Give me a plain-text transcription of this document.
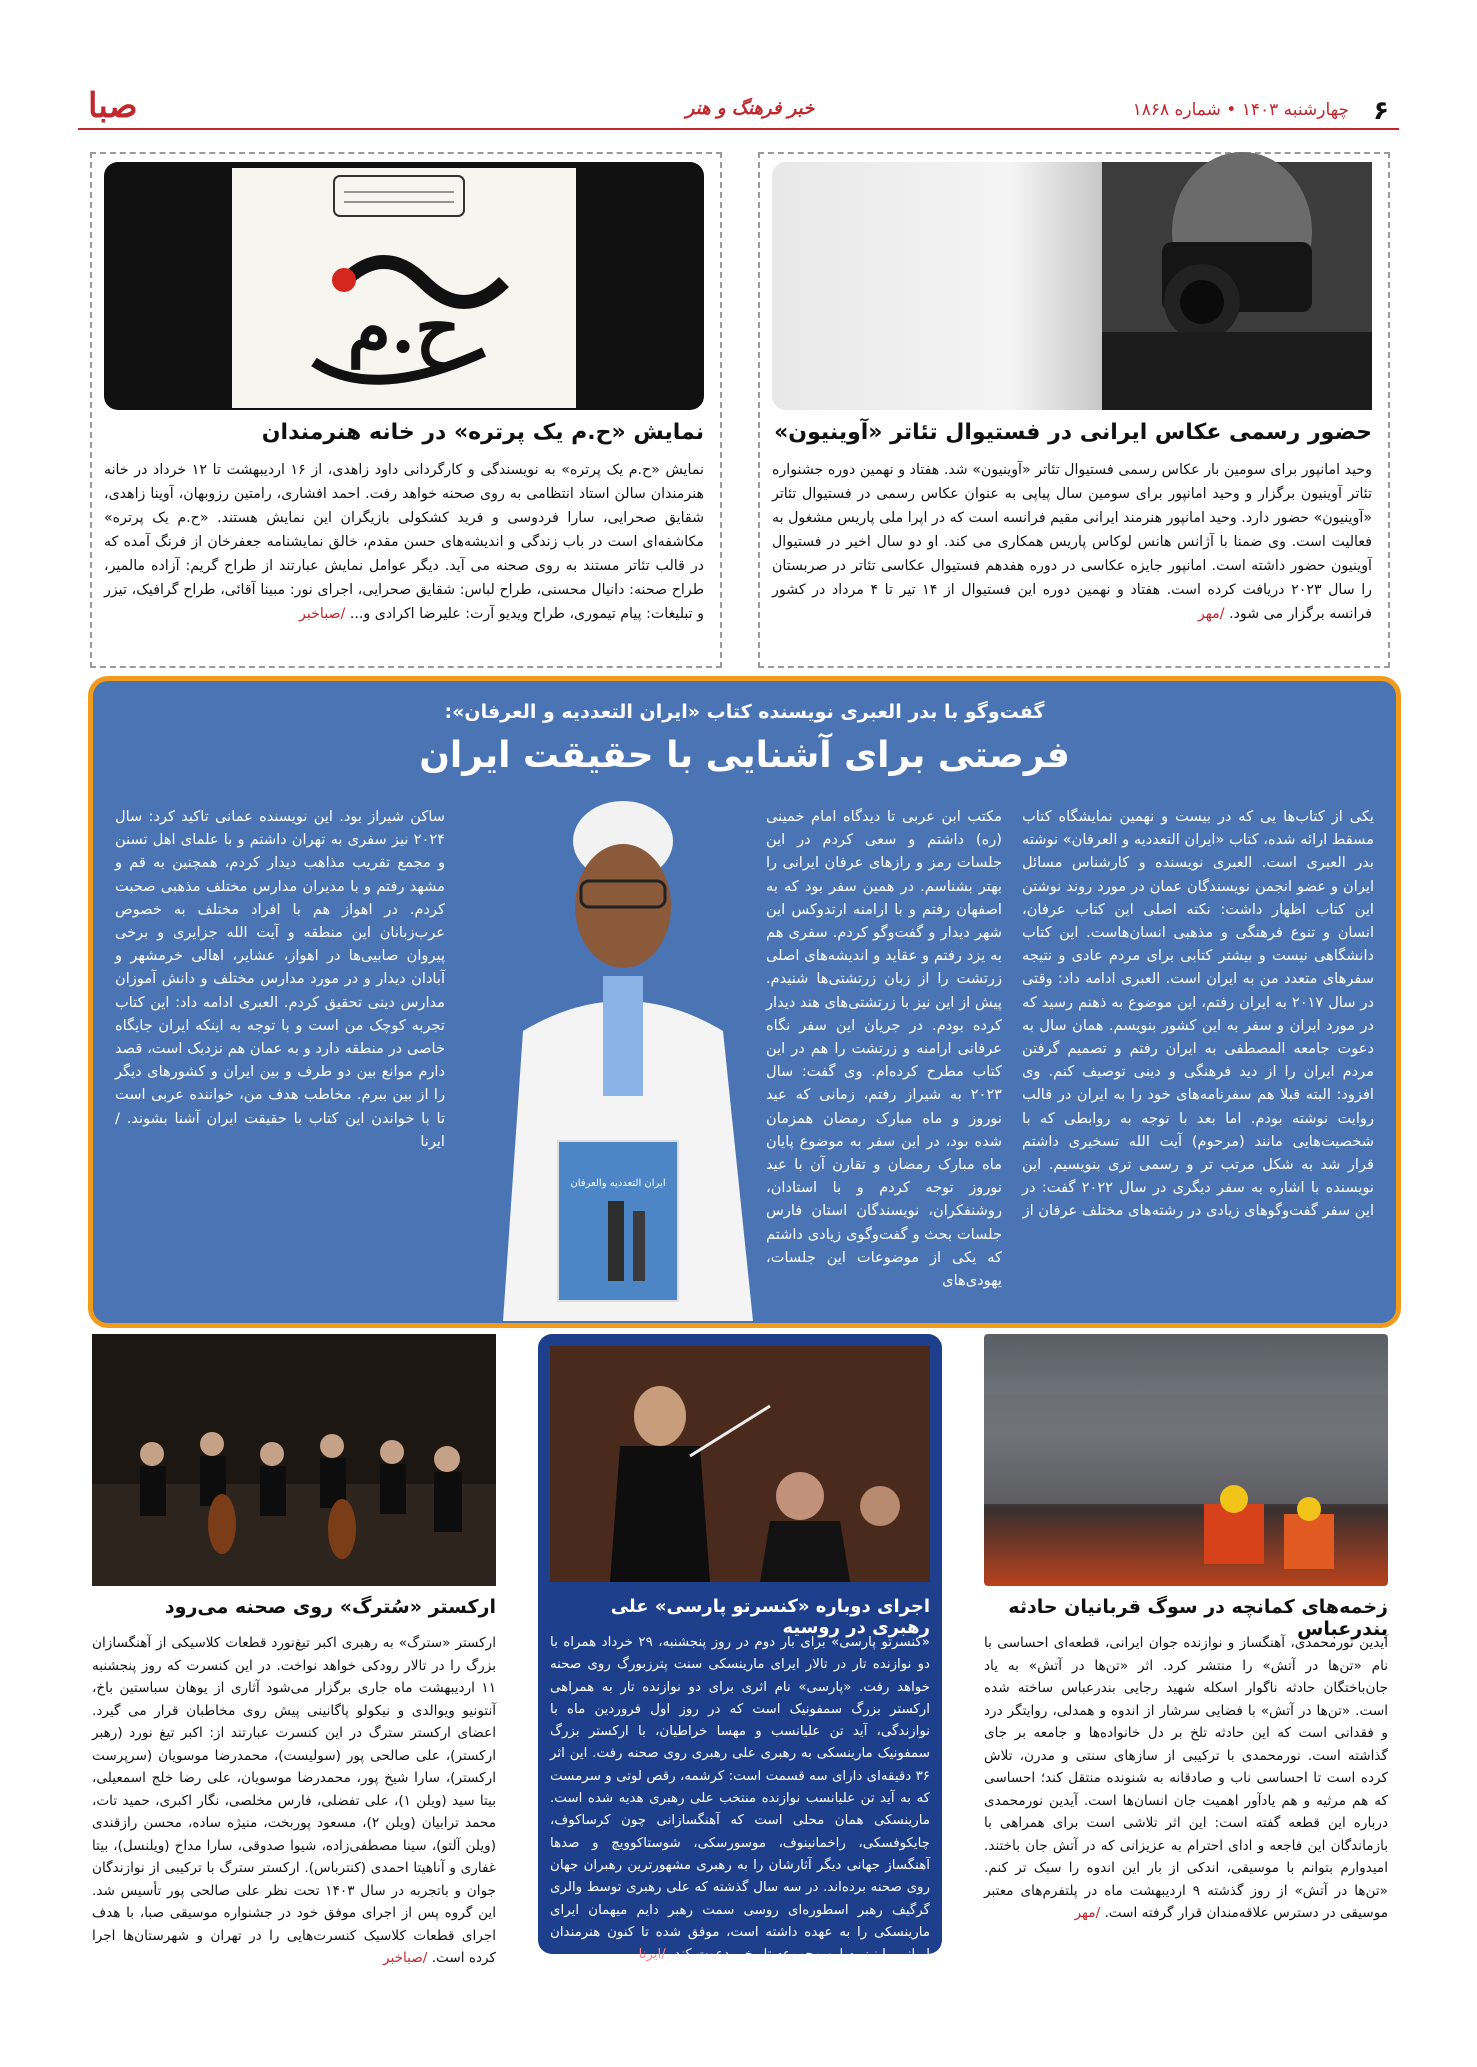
۶
چهارشنبه ۱۴۰۳ • شماره ۱۸۶۸
خبر فرهنگ و هنر
صبا
حضور رسمی عکاس ایرانی در فستیوال تئاتر «آوینیون»
وحید امانپور برای سومین بار عکاس رسمی فستیوال تئاتر «آوینیون» شد. هفتاد و نهمین دوره جشنواره تئاتر آوینیون برگزار و وحید امانپور برای سومین سال پیاپی به عنوان عکاس رسمی در فستیوال تئاتر «آوینیون» حضور دارد. وحید امانپور هنرمند ایرانی مقیم فرانسه است که در اپرا ملی پاریس مشغول به فعالیت است. وی ضمنا با آژانس هانس لوکاس پاریس همکاری می کند. او دو سال اخیر در فستیوال آوینیون حضور داشته است. امانپور جایزه عکاسی در دوره هفدهم فستیوال عکاسی تئاتر در صربستان را سال ۲۰۲۳ دریافت کرده است. هفتاد و نهمین دوره این فستیوال از ۱۴ تیر تا ۴ مرداد در کشور فرانسه برگزار می شود. /مهر
ح.م
نمایش «ح.م یک پرتره» در خانه هنرمندان
نمایش «ح.م یک پرتره» به نویسندگی و کارگردانی داود زاهدی، از ۱۶ اردیبهشت تا ۱۲ خرداد در خانه هنرمندان سالن استاد انتظامی به روی صحنه خواهد رفت. احمد افشاری، رامتین رزوبهان، آوینا زاهدی، شقایق صحرایی، سارا فردوسی و فرید کشکولی بازیگران این نمایش هستند. «ح.م یک پرتره» مکاشفه‌ای است در باب زندگی و اندیشه‌های حسن مقدم، خالق نمایشنامه جعفرخان از فرنگ آمده که در قالب تئاتر مستند به روی صحنه می آید. دیگر عوامل نمایش عبارتند از طراح گریم: آزاده مالمیر، طراح صحنه: دانیال محسنی، طراح لباس: شقایق صحرایی، اجرای نور: مبینا آقائی، طراح گرافیک، تیزر و تبلیغات: پیام تیموری، طراح ویدیو آرت: علیرضا اکرادی و... /صباخبر
گفت‌وگو با بدر العبری نویسنده کتاب «ایران التعددیه و العرفان»:
فرصتی برای آشنایی با حقیقت ایران
یکی از کتاب‌ها یی که در بیست و نهمین نمایشگاه کتاب مسقط ارائه شده، کتاب «ایران التعددیه و العرفان» نوشته بدر العبری است. العبری نویسنده و کارشناس مسائل ایران و عضو انجمن نویسندگان عمان در مورد روند نوشتن این کتاب اظهار داشت: نکته اصلی این کتاب عرفان، انسان و تنوع فرهنگی و مذهبی انسان‌هاست. این کتاب دانشگاهی نیست و بیشتر کتابی برای مردم عادی و نتیجه سفرهای متعدد من به ایران است. العبری ادامه داد: وقتی در سال ۲۰۱۷ به ایران رفتم، این موضوع به ذهنم رسید که در مورد ایران و سفر به این کشور بنویسم. همان سال به دعوت جامعه المصطفی به ایران رفتم و تصمیم گرفتن مردم ایران را از دید فرهنگی و دینی توصیف کنم. وی افزود: البته قبلا هم سفرنامه‌های خود را به ایران در قالب روایت نوشته بودم. اما بعد با توجه به روابطی که با شخصیت‌هایی مانند (مرحوم) آیت الله تسخیری داشتم قرار شد به شکل مرتب تر و رسمی تری بنویسیم. این نویسنده با اشاره به سفر دیگری در سال ۲۰۲۲ گفت: در این سفر گفت‌وگوهای زیادی در رشته‌های مختلف عرفان از
مکتب ابن عربی تا دیدگاه امام خمینی (ره) داشتم و سعی کردم در این جلسات رمز و رازهای عرفان ایرانی را بهتر بشناسم. در همین سفر بود که به اصفهان رفتم و با ارامنه ارتدوکس این شهر دیدار و گفت‌وگو کردم. سفری هم به یزد رفتم و عقاید و اندیشه‌های اصلی زرتشت را از زبان زرتشتی‌ها شنیدم. پیش از این نیز با زرتشتی‌های هند دیدار کرده بودم. در جریان این سفر نگاه عرفانی ارامنه و زرتشت را هم در این کتاب مطرح کرده‌ام. وی گفت: سال ۲۰۲۳ به شیراز رفتم، زمانی که عید نوروز و ماه مبارک رمضان همزمان شده بود، در این سفر به موضوع پایان ماه مبارک رمضان و تقارن آن با عید نوروز توجه کردم و با استادان، روشنفکران، نویسندگان استان فارس جلسات بحث و گفت‌وگوی زیادی داشتم که یکی از موضوعات این جلسات، یهودی‌های
ایران التعددیه والعرفان
ساکن شیراز بود. این نویسنده عمانی تاکید کرد: سال ۲۰۲۴ نیز سفری به تهران داشتم و با علمای اهل تسنن و مجمع تقریب مذاهب دیدار کردم، همچنین به قم و مشهد رفتم و با مدیران مدارس مختلف مذهبی صحبت کردم. در اهواز هم با افراد مختلف به خصوص عرب‌زبانان این منطقه و آیت الله جزایری و برخی پیروان صابیی‌ها در اهواز، عشایر، اهالی خرمشهر و آبادان دیدار و در مورد مدارس مختلف و دانش آموزان مدارس دینی تحقیق کردم. العبری ادامه داد: این کتاب تجربه کوچک من است و با توجه به اینکه ایران جایگاه خاصی در منطقه دارد و به عمان هم نزدیک است، قصد دارم موانع بین دو طرف و بین ایران و کشورهای دیگر را از بین ببرم. مخاطب هدف من، خواننده عربی است تا با خواندن این کتاب با حقیقت ایران آشنا بشوند. /ایرنا
زخمه‌های کمانچه در سوگ قربانیان حادثه بندرعباس
آیدین نورمحمدی، آهنگساز و نوازنده جوان ایرانی، قطعه‌ای احساسی با نام «تن‌ها در آتش» را منتشر کرد. اثر «تن‌ها در آتش» به یاد جان‌باختگان حادثه ناگوار اسکله شهید رجایی بندرعباس ساخته شده است. «تن‌ها در آتش» با فضایی سرشار از اندوه و همدلی، روایتگر درد و فقدانی است که این حادثه تلخ بر دل خانواده‌ها و جامعه بر جای گذاشته است. نورمحمدی با ترکیبی از سازهای سنتی و مدرن، تلاش کرده است تا احساسی ناب و صادقانه به شنونده منتقل کند؛ احساسی که هم مرثیه و هم یادآور اهمیت جان انسان‌ها است. آیدین نورمحمدی درباره این قطعه گفته است: این اثر تلاشی است برای همراهی با بازماندگان این فاجعه و ادای احترام به عزیزانی که در آتش جان باختند. امیدوارم بتوانم با موسیقی، اندکی از بار این اندوه را سبک تر کنم. «تن‌ها در آتش» از روز گذشته ۹ اردیبهشت ماه در پلتفرم‌های معتبر موسیقی در دسترس علاقه‌مندان قرار گرفته است. /مهر
اجرای دوباره «کنسرتو پارسی» علی رهبری در روسیه
«کنسرتو پارسی» برای بار دوم در روز پنجشنبه، ۲۹ خرداد همراه با دو نوازنده تار در تالار ایرای مارینسکی سنت پترزبورگ روی صحنه خواهد رفت. «پارسی» نام اثری برای دو نوازنده تار به همراهی ارکستر بزرگ سمفونیک است که در روز اول فروردین ماه با نوازندگی، آید تن علیانسب و مهسا خراطیان، با ارکستر بزرگ سمفونیک مارینسکی به رهبری علی رهبری روی صحنه رفت. این اثر ۳۶ دقیقه‌ای دارای سه قسمت است: کرشمه، رقص لوتی و سرمست که به آید تن علیانسب نوازنده منتخب علی رهبری هدیه شده است. مارینسکی همان محلی است که آهنگسازانی چون کرساکوف، چایکوفسکی، راخمانینوف، موسورسکی، شوستاکوویچ و صدها آهنگساز جهانی دیگر آثارشان را به رهبری مشهورترین رهبران جهان روی صحنه برده‌اند. در سه سال گذشته که علی رهبری توسط والری گرگیف رهبر اسطوره‌ای روسی سمت رهبر دایم میهمان ایرای مارینسکی را به عهده داشته است، موفق شده تا کنون هنرمندان ایرانی را نیز به این مجموعه تاریخی دعوت کند. /ایرنا
ارکستر «سُترگ» روی صحنه می‌رود
ارکستر «سترگ» به رهبری اکبر تیغ‌نورد قطعات کلاسیکی از آهنگسازان بزرگ را در تالار رودکی خواهد نواخت. در این کنسرت که روز پنجشنبه ۱۱ اردیبهشت ماه جاری برگزار می‌شود آثاری از یوهان سباستین باخ، آنتونیو ویوالدی و نیکولو پاگانینی پیش روی مخاطبان قرار می‌ گیرد. اعضای ارکستر سترگ در این کنسرت عبارتند از: اکبر تیغ نورد (رهبر ارکستر)، علی صالحی پور (سولیست)، محمدرضا موسویان (سرپرست ارکستر)، سارا شیخ پور، محمدرضا موسویان، علی رضا خلج اسمعیلی، بیتا سید (ویلن ۱)، علی تفضلی، فارس مخلصی، نگار اکبری، حمید تات، محمد ترابیان (ویلن ۲)، مسعود پوربخت، منیژه ساده، محسن رازقندی (ویلن آلتو)، سینا مصطفی‌زاده، شیوا صدوقی، سارا مداح (ویلنسل)، بیتا غفاری و آناهیتا احمدی (کنترباس). ارکستر سترگ با ترکیبی از نوازندگان جوان و باتجربه در سال ۱۴۰۳ تحت نظر علی صالحی پور تأسیس شد. این گروه پس از اجرای موفق خود در جشنواره موسیقی صبا، با هدف اجرای قطعات کلاسیک کنسرت‌هایی را در تهران و شهرستان‌ها اجرا کرده است. /صباخبر
